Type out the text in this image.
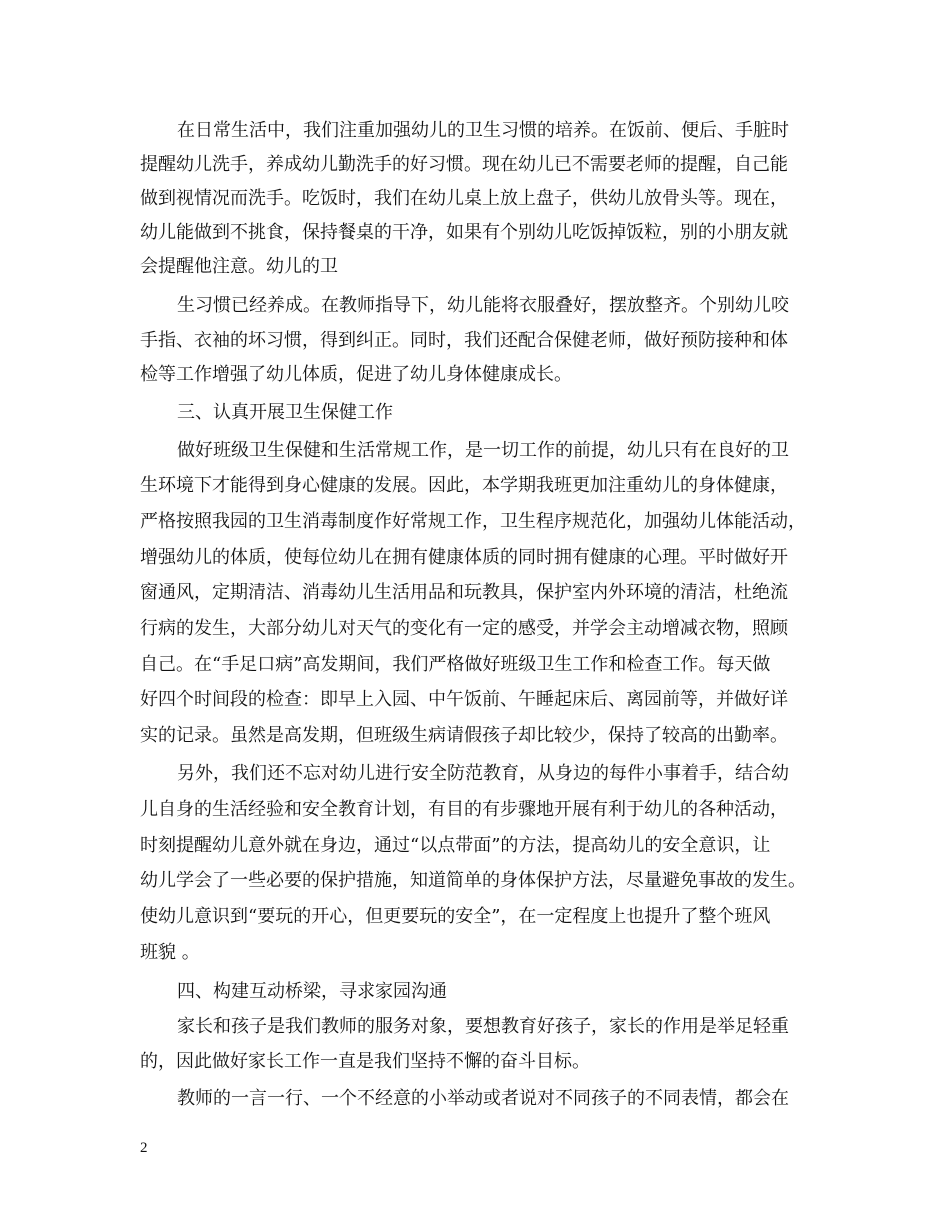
在日常生活中，我们注重加强幼儿的卫生习惯的培养。在饭前、便后、手脏时
提醒幼儿洗手，养成幼儿勤洗手的好习惯。现在幼儿已不需要老师的提醒，自己能
做到视情况而洗手。吃饭时，我们在幼儿桌上放上盘子，供幼儿放骨头等。现在，
幼儿能做到不挑食，保持餐桌的干净，如果有个别幼儿吃饭掉饭粒，别的小朋友就
会提醒他注意。幼儿的卫
生习惯已经养成。在教师指导下，幼儿能将衣服叠好，摆放整齐。个别幼儿咬
手指、衣袖的坏习惯，得到纠正。同时，我们还配合保健老师，做好预防接种和体
检等工作增强了幼儿体质，促进了幼儿身体健康成长。
三、认真开展卫生保健工作
做好班级卫生保健和生活常规工作，是一切工作的前提，幼儿只有在良好的卫
生环境下才能得到身心健康的发展。因此，本学期我班更加注重幼儿的身体健康，
严格按照我园的卫生消毒制度作好常规工作，卫生程序规范化，加强幼儿体能活动，
增强幼儿的体质，使每位幼儿在拥有健康体质的同时拥有健康的心理。平时做好开
窗通风，定期清洁、消毒幼儿生活用品和玩教具，保护室内外环境的清洁，杜绝流
行病的发生，大部分幼儿对天气的变化有一定的感受，并学会主动增减衣物，照顾
自己。在“手足口病”高发期间，我们严格做好班级卫生工作和检查工作。每天做
好四个时间段的检查：即早上入园、中午饭前、午睡起床后、离园前等，并做好详
实的记录。虽然是高发期，但班级生病请假孩子却比较少，保持了较高的出勤率。
另外，我们还不忘对幼儿进行安全防范教育，从身边的每件小事着手，结合幼
儿自身的生活经验和安全教育计划，有目的有步骤地开展有利于幼儿的各种活动，
时刻提醒幼儿意外就在身边，通过“以点带面”的方法，提高幼儿的安全意识，让
幼儿学会了一些必要的保护措施，知道简单的身体保护方法，尽量避免事故的发生。
使幼儿意识到“要玩的开心，但更要玩的安全”，在一定程度上也提升了整个班风
班貌 。
四、构建互动桥梁，寻求家园沟通
家长和孩子是我们教师的服务对象，要想教育好孩子，家长的作用是举足轻重
的，因此做好家长工作一直是我们坚持不懈的奋斗目标。
教师的一言一行、一个不经意的小举动或者说对不同孩子的不同表情，都会在
2
